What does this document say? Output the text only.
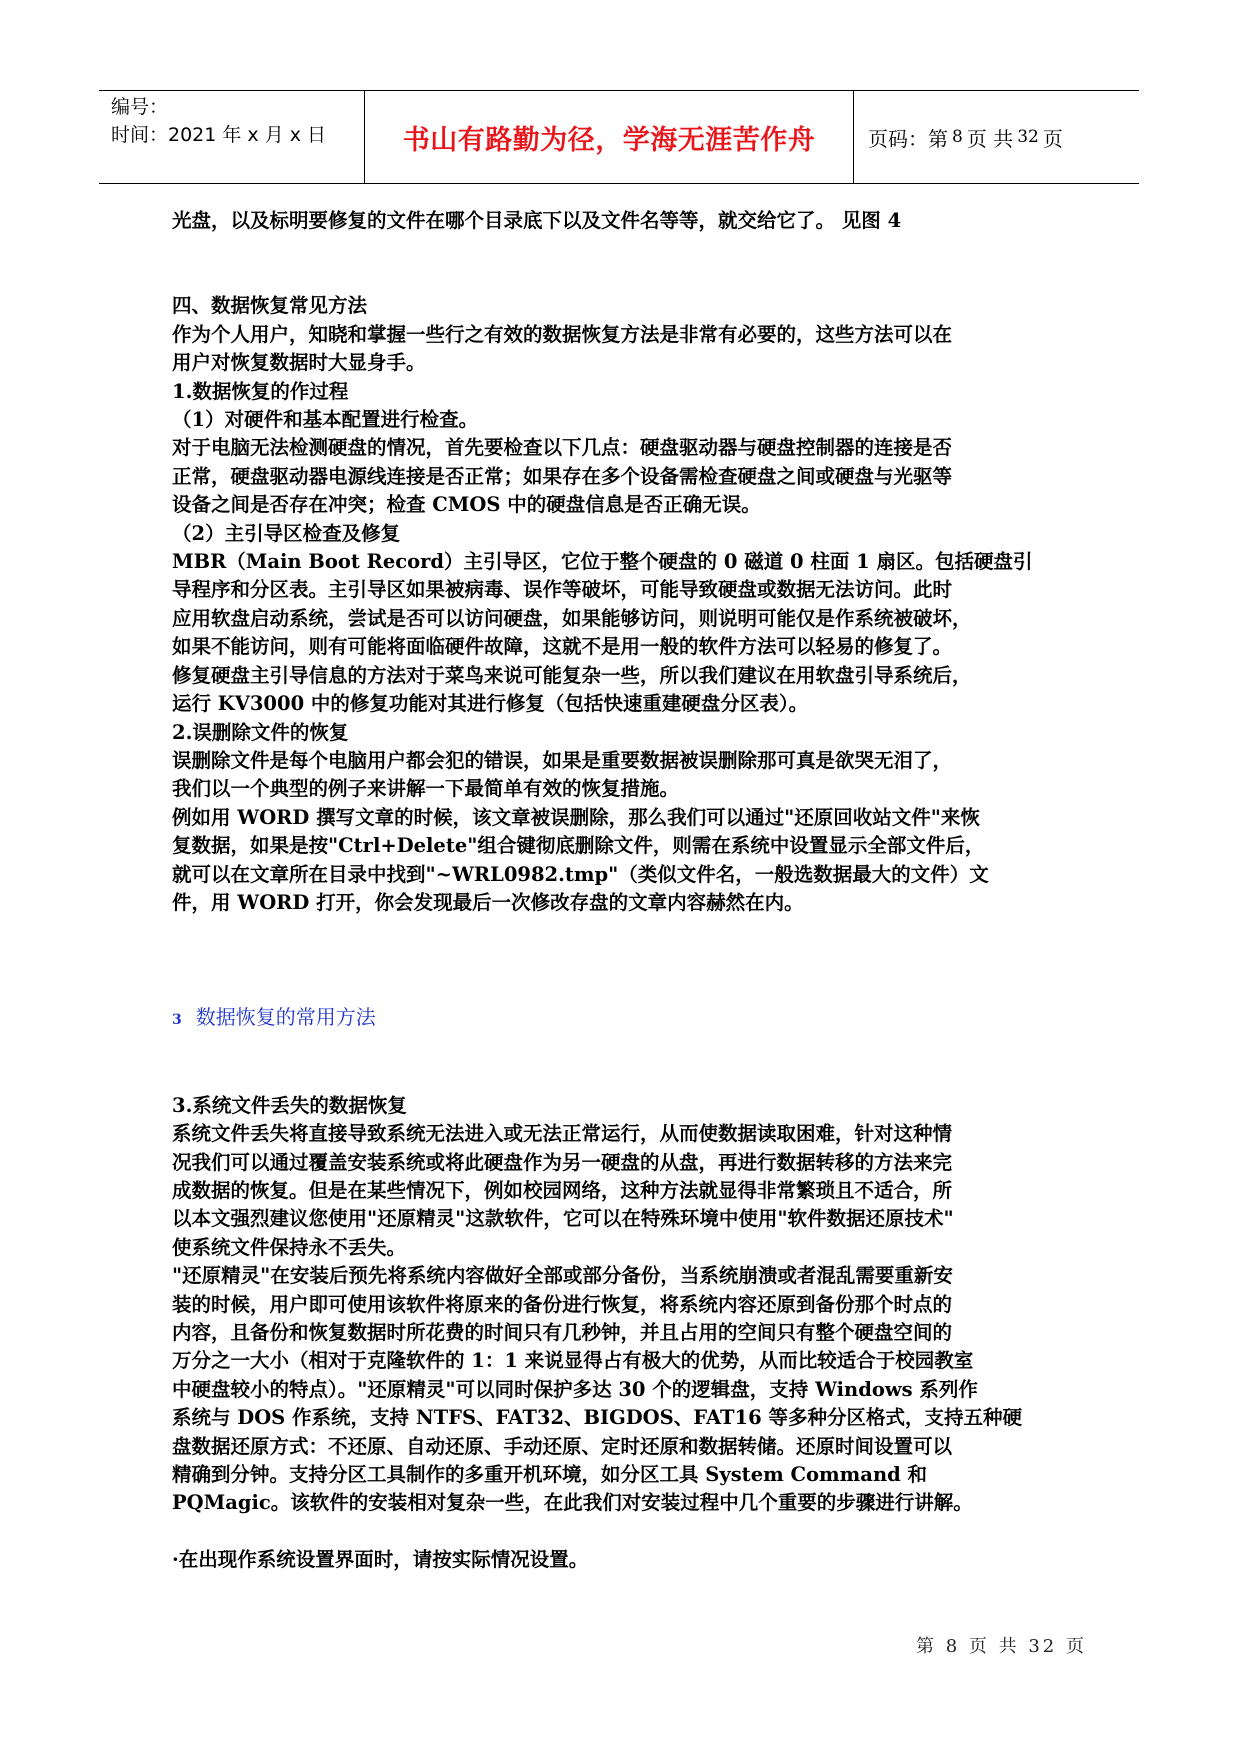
编号：
时间：2021 年 x 月 x 日	书山有路勤为径，学海无涯苦作舟	页码：第 8 页 共 32 页

光盘，以及标明要修复的文件在哪个目录底下以及文件名等等，就交给它了。 见图 4

四、数据恢复常见方法

作为个人用户，知晓和掌握一些行之有效的数据恢复方法是非常有必要的，这些方法可以在

用户对恢复数据时大显身手。

1.数据恢复的作过程

（1）对硬件和基本配置进行检查。

对于电脑无法检测硬盘的情况，首先要检查以下几点：硬盘驱动器与硬盘控制器的连接是否

正常，硬盘驱动器电源线连接是否正常；如果存在多个设备需检查硬盘之间或硬盘与光驱等

设备之间是否存在冲突；检查 CMOS 中的硬盘信息是否正确无误。

（2）主引导区检查及修复

MBR（Main Boot Record）主引导区，它位于整个硬盘的 0 磁道 0 柱面 1 扇区。包括硬盘引

导程序和分区表。主引导区如果被病毒、误作等破坏，可能导致硬盘或数据无法访问。此时

应用软盘启动系统，尝试是否可以访问硬盘，如果能够访问，则说明可能仅是作系统被破坏，

如果不能访问，则有可能将面临硬件故障，这就不是用一般的软件方法可以轻易的修复了。

修复硬盘主引导信息的方法对于菜鸟来说可能复杂一些，所以我们建议在用软盘引导系统后，

运行 KV3000 中的修复功能对其进行修复（包括快速重建硬盘分区表）。

2.误删除文件的恢复

误删除文件是每个电脑用户都会犯的错误，如果是重要数据被误删除那可真是欲哭无泪了，

我们以一个典型的例子来讲解一下最简单有效的恢复措施。

例如用 WORD 撰写文章的时候，该文章被误删除，那么我们可以通过"还原回收站文件"来恢

复数据，如果是按"Ctrl+Delete"组合键彻底删除文件，则需在系统中设置显示全部文件后，

就可以在文章所在目录中找到"~WRL0982.tmp"（类似文件名，一般选数据最大的文件）文

件，用 WORD 打开，你会发现最后一次修改存盘的文章内容赫然在内。

3 数据恢复的常用方法

3.系统文件丢失的数据恢复

系统文件丢失将直接导致系统无法进入或无法正常运行，从而使数据读取困难，针对这种情

况我们可以通过覆盖安装系统或将此硬盘作为另一硬盘的从盘，再进行数据转移的方法来完

成数据的恢复。但是在某些情况下，例如校园网络，这种方法就显得非常繁琐且不适合，所

以本文强烈建议您使用"还原精灵"这款软件，它可以在特殊环境中使用"软件数据还原技术"

使系统文件保持永不丢失。

"还原精灵"在安装后预先将系统内容做好全部或部分备份，当系统崩溃或者混乱需要重新安

装的时候，用户即可使用该软件将原来的备份进行恢复，将系统内容还原到备份那个时点的

内容，且备份和恢复数据时所花费的时间只有几秒钟，并且占用的空间只有整个硬盘空间的

万分之一大小（相对于克隆软件的 1：1 来说显得占有极大的优势，从而比较适合于校园教室

中硬盘较小的特点）。"还原精灵"可以同时保护多达 30 个的逻辑盘，支持 Windows 系列作

系统与 DOS 作系统，支持 NTFS、FAT32、BIGDOS、FAT16 等多种分区格式，支持五种硬

盘数据还原方式：不还原、自动还原、手动还原、定时还原和数据转储。还原时间设置可以

精确到分钟。支持分区工具制作的多重开机环境，如分区工具 System Command 和

PQMagic。该软件的安装相对复杂一些，在此我们对安装过程中几个重要的步骤进行讲解。

·在出现作系统设置界面时，请按实际情况设置。

第 8 页 共 32 页
